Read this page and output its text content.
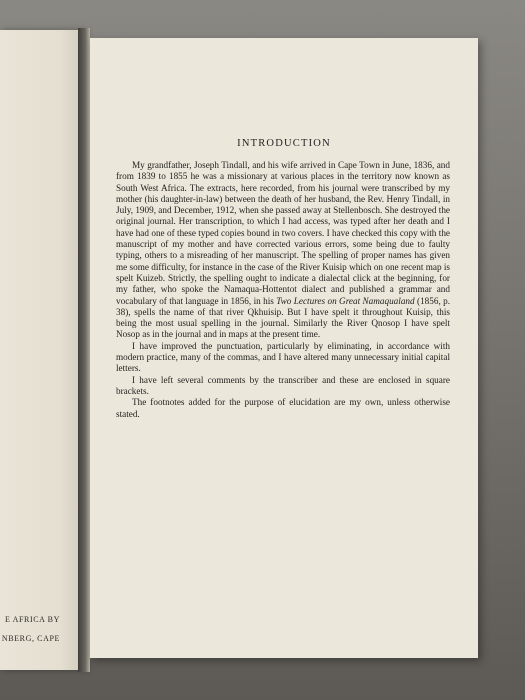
E AFRICA BY
NBERG, CAPE
INTRODUCTION

My grandfather, Joseph Tindall, and his wife arrived in Cape Town in June, 1836, and from 1839 to 1855 he was a missionary at various places in the territory now known as South West Africa. The extracts, here recorded, from his journal were transcribed by my mother (his daughter-in-law) between the death of her husband, the Rev. Henry Tindall, in July, 1909, and December, 1912, when she passed away at Stellenbosch. She destroyed the original journal. Her transcription, to which I had access, was typed after her death and I have had one of these typed copies bound in two covers. I have checked this copy with the manuscript of my mother and have corrected various errors, some being due to faulty typing, others to a misreading of her manuscript. The spelling of proper names has given me some difficulty, for instance in the case of the River Kuisip which on one recent map is spelt Kuizeb. Strictly, the spelling ought to indicate a dialectal click at the beginning, for my father, who spoke the Namaqua-Hottentot dialect and published a grammar and vocabulary of that language in 1856, in his Two Lectures on Great Namaqualand (1856, p. 38), spells the name of that river Qkhuisip. But I have spelt it throughout Kuisip, this being the most usual spelling in the journal. Similarly the River Qnosop I have spelt Nosop as in the journal and in maps at the present time.

I have improved the punctuation, particularly by eliminating, in accordance with modern practice, many of the commas, and I have altered many unnecessary initial capital letters.

I have left several comments by the transcriber and these are enclosed in square brackets.

The footnotes added for the purpose of elucidation are my own, unless otherwise stated.
